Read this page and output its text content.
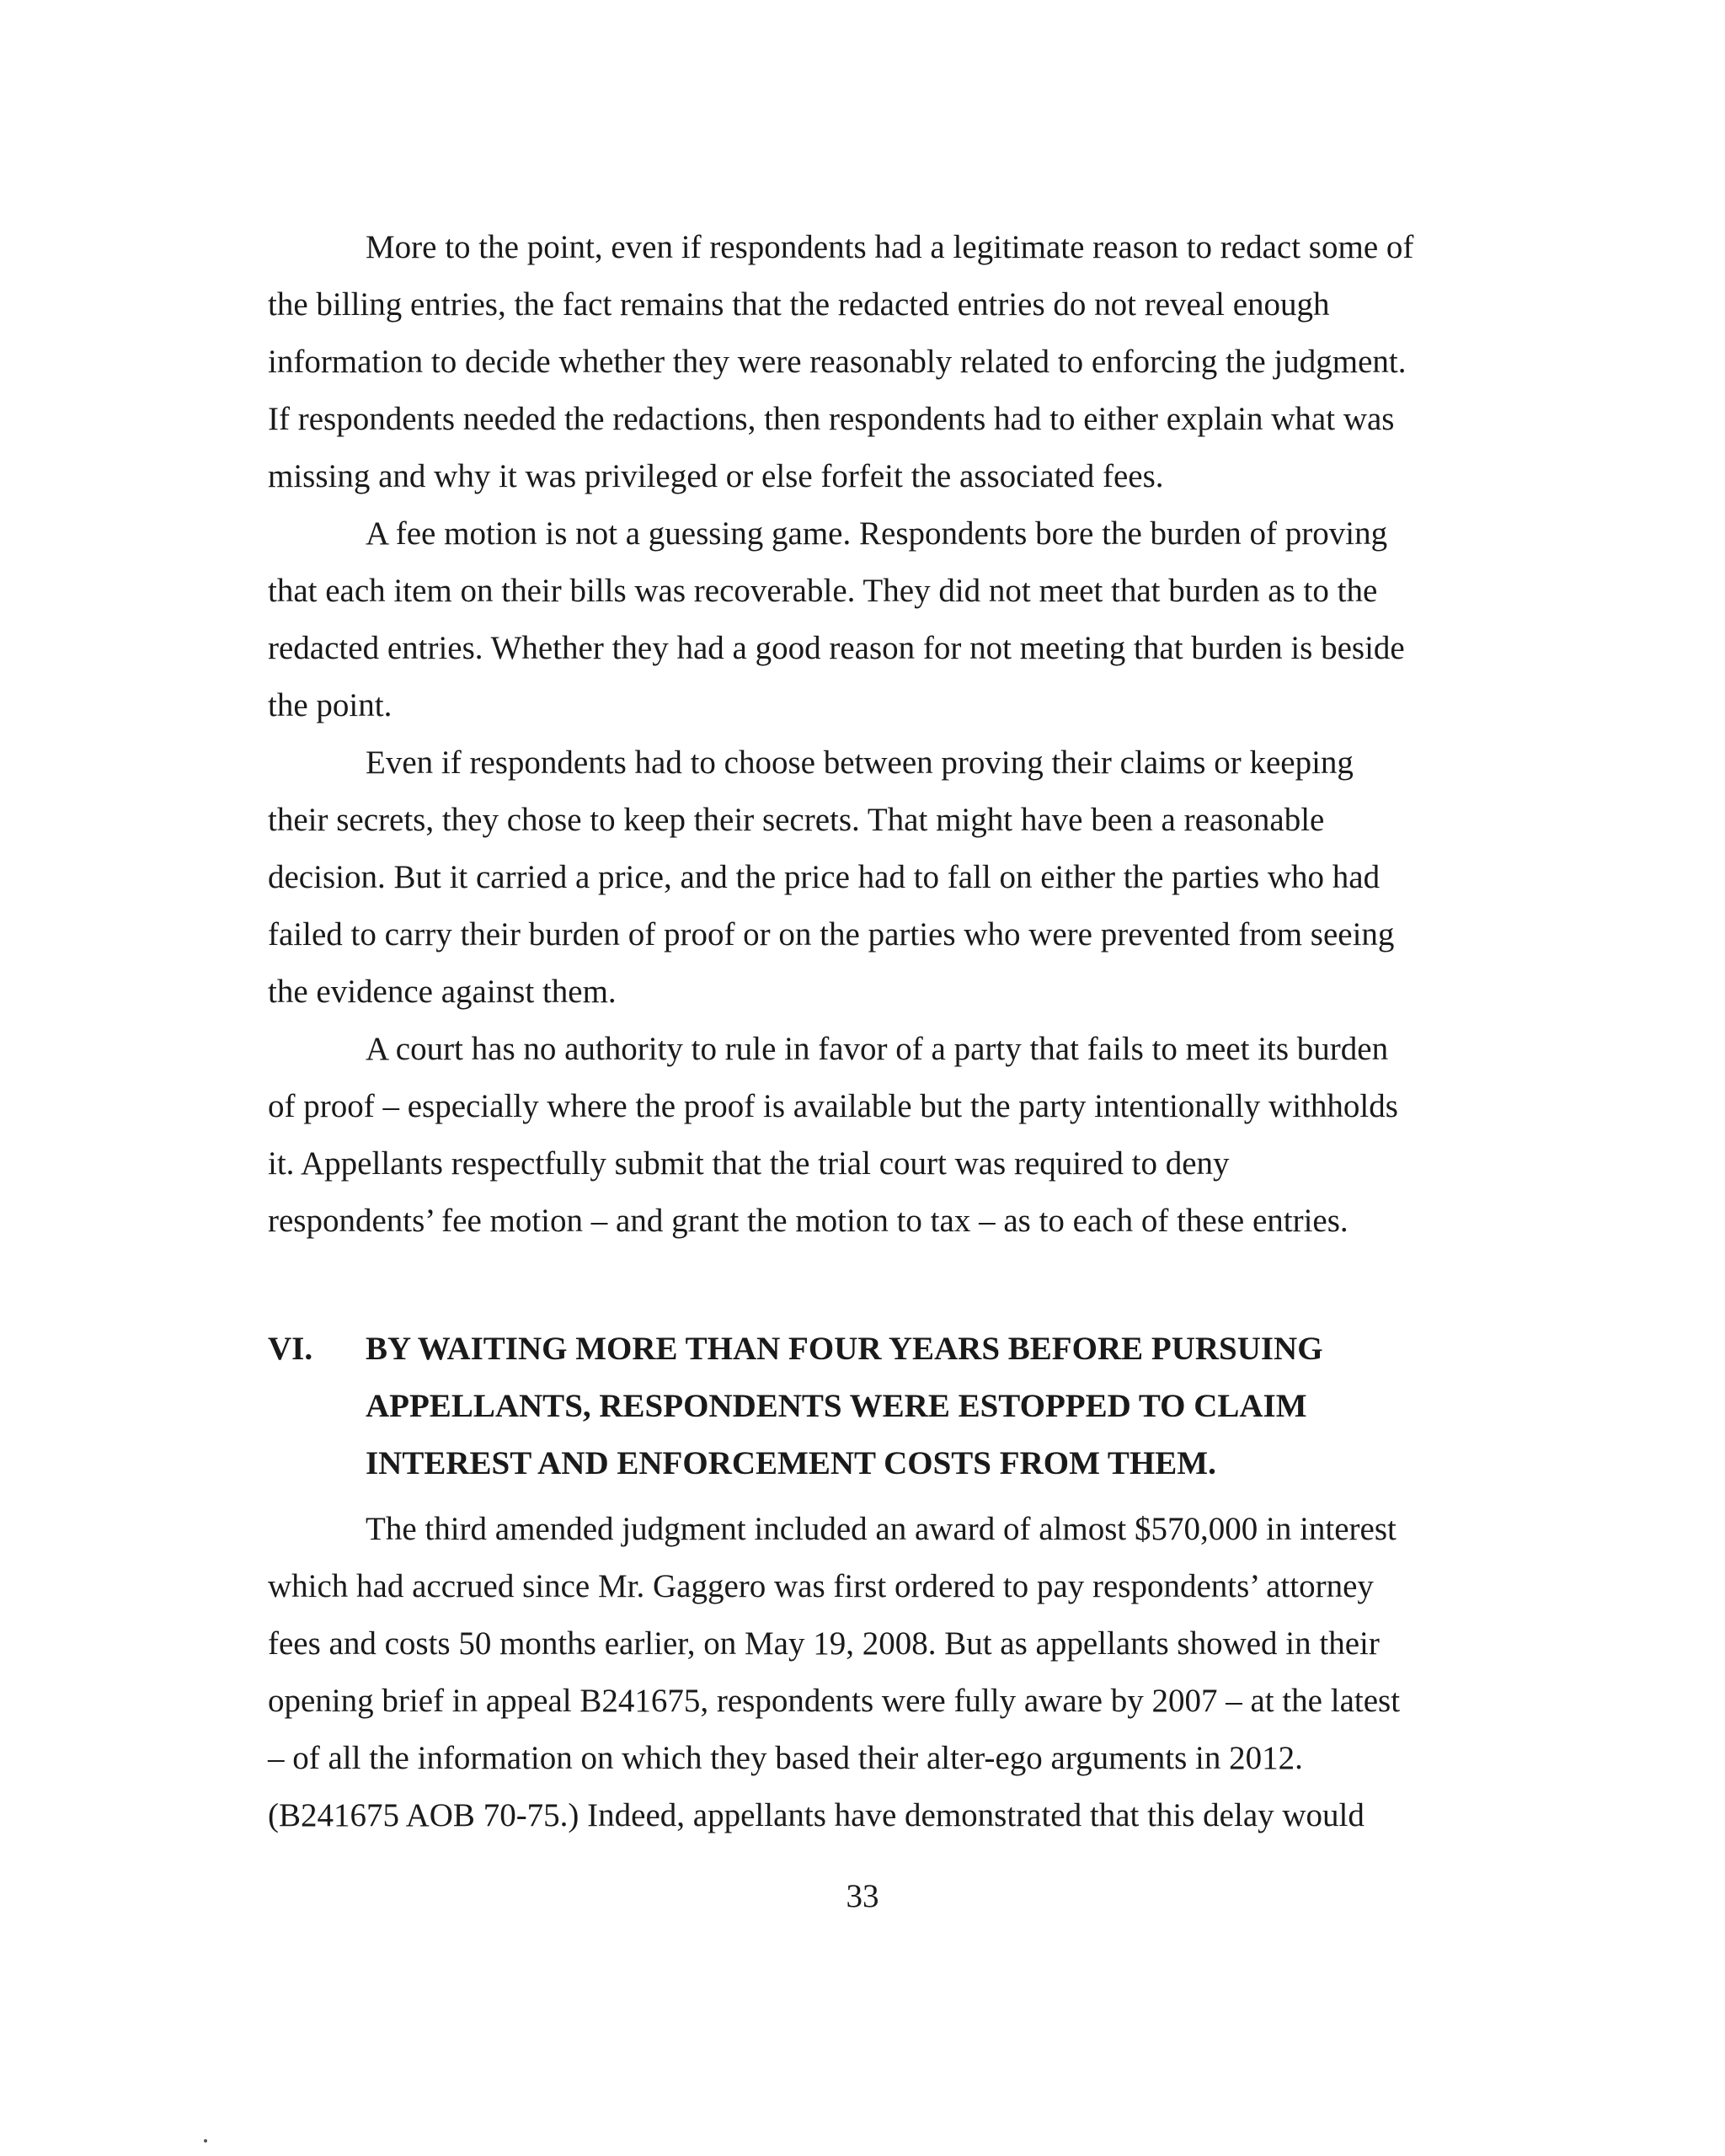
More to the point, even if respondents had a legitimate reason to redact some of
the billing entries, the fact remains that the redacted entries do not reveal enough
information to decide whether they were reasonably related to enforcing the judgment.
If respondents needed the redactions, then respondents had to either explain what was
missing and why it was privileged or else forfeit the associated fees.
A fee motion is not a guessing game. Respondents bore the burden of proving
that each item on their bills was recoverable. They did not meet that burden as to the
redacted entries. Whether they had a good reason for not meeting that burden is beside
the point.
Even if respondents had to choose between proving their claims or keeping
their secrets, they chose to keep their secrets. That might have been a reasonable
decision. But it carried a price, and the price had to fall on either the parties who had
failed to carry their burden of proof or on the parties who were prevented from seeing
the evidence against them.
A court has no authority to rule in favor of a party that fails to meet its burden
of proof – especially where the proof is available but the party intentionally withholds
it. Appellants respectfully submit that the trial court was required to deny
respondents’ fee motion – and grant the motion to tax – as to each of these entries.
VI. BY WAITING MORE THAN FOUR YEARS BEFORE PURSUING
APPELLANTS, RESPONDENTS WERE ESTOPPED TO CLAIM
INTEREST AND ENFORCEMENT COSTS FROM THEM.
The third amended judgment included an award of almost $570,000 in interest
which had accrued since Mr. Gaggero was first ordered to pay respondents’ attorney
fees and costs 50 months earlier, on May 19, 2008. But as appellants showed in their
opening brief in appeal B241675, respondents were fully aware by 2007 – at the latest
– of all the information on which they based their alter-ego arguments in 2012.
(B241675 AOB 70-75.) Indeed, appellants have demonstrated that this delay would
33
